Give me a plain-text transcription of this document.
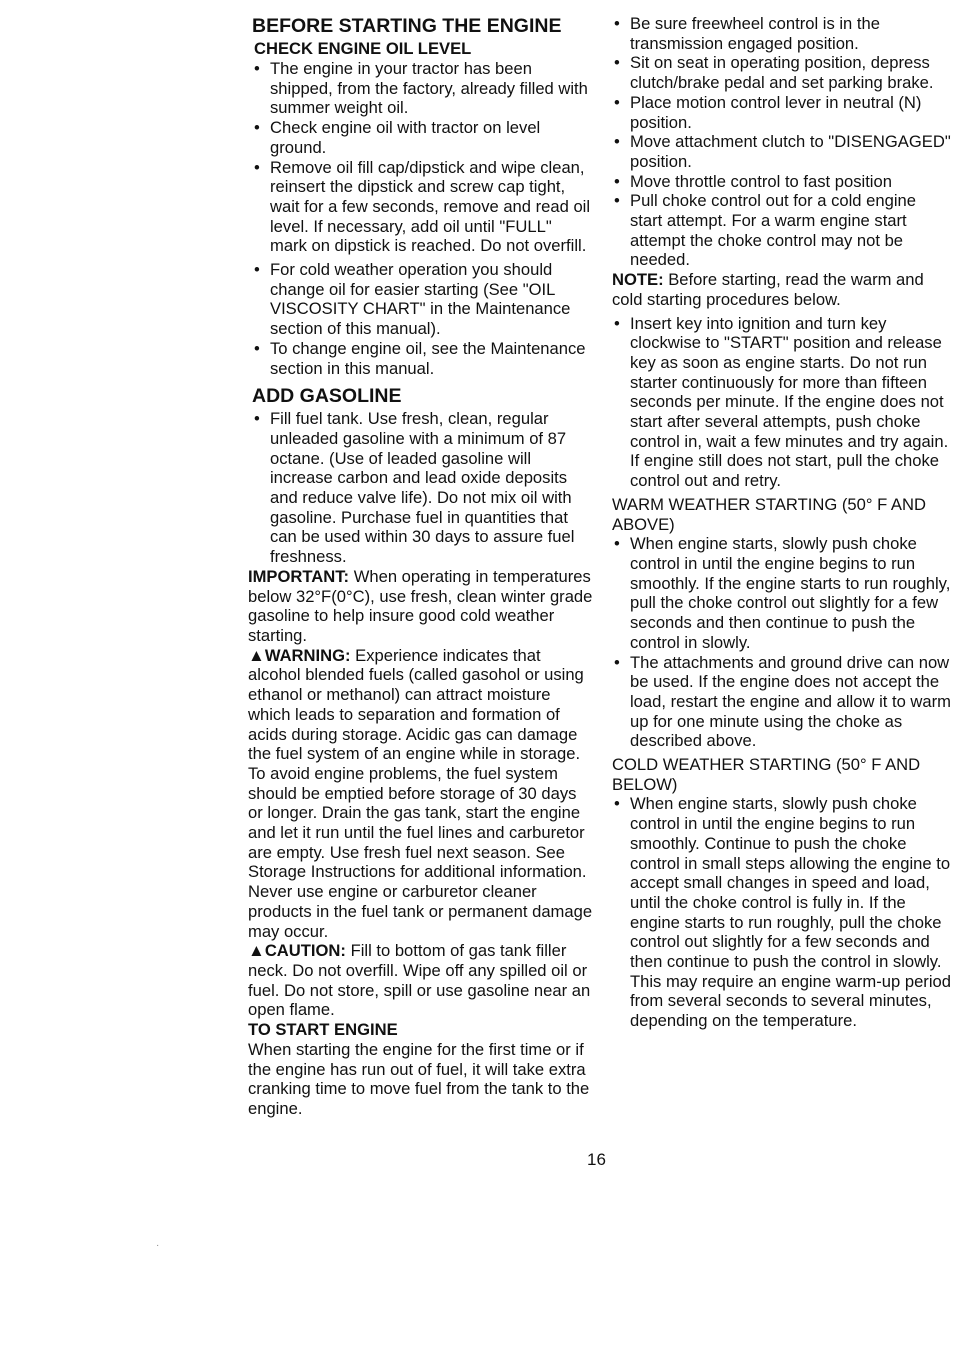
BEFORE STARTING THE ENGINE
CHECK ENGINE OIL LEVEL
• The engine in your tractor has been shipped, from the factory, already filled with summer weight oil.
• Check engine oil with tractor on level ground.
• Remove oil fill cap/dipstick and wipe clean, reinsert the dipstick and screw cap tight, wait for a few seconds, remove and read oil level. If necessary, add oil until "FULL" mark on dipstick is reached. Do not overfill.
• For cold weather operation you should change oil for easier starting (See "OIL VISCOSITY CHART" in the Maintenance section of this manual).
• To change engine oil, see the Maintenance section in this manual.
ADD GASOLINE
• Fill fuel tank. Use fresh, clean, regular unleaded gasoline with a minimum of 87 octane. (Use of leaded gasoline will increase carbon and lead oxide deposits and reduce valve life). Do not mix oil with gasoline. Purchase fuel in quantities that can be used within 30 days to assure fuel freshness.

IMPORTANT: When operating in temperatures below 32°F(0°C), use fresh, clean winter grade gasoline to help insure good cold weather starting.

▲WARNING: Experience indicates that alcohol blended fuels (called gasohol or using ethanol or methanol) can attract moisture which leads to separation and formation of acids during storage. Acidic gas can damage the fuel system of an engine while in storage. To avoid engine problems, the fuel system should be emptied before storage of 30 days or longer. Drain the gas tank, start the engine and let it run until the fuel lines and carburetor are empty. Use fresh fuel next season. See Storage Instructions for additional information. Never use engine or carburetor cleaner products in the fuel tank or permanent damage may occur.

▲CAUTION: Fill to bottom of gas tank filler neck. Do not overfill. Wipe off any spilled oil or fuel. Do not store, spill or use gasoline near an open flame.

TO START ENGINE

When starting the engine for the first time or if the engine has run out of fuel, it will take extra cranking time to move fuel from the tank to the engine.

• Be sure freewheel control is in the transmission engaged position.
• Sit on seat in operating position, depress clutch/brake pedal and set parking brake.
• Place motion control lever in neutral (N) position.
• Move attachment clutch to "DISENGAGED" position.
• Move throttle control to fast position
• Pull choke control out for a cold engine start attempt. For a warm engine start attempt the choke control may not be needed.

NOTE: Before starting, read the warm and cold starting procedures below.

• Insert key into ignition and turn key clockwise to "START" position and release key as soon as engine starts. Do not run starter continuously for more than fifteen seconds per minute. If the engine does not start after several attempts, push choke control in, wait a few minutes and try again. If engine still does not start, pull the choke control out and retry.

WARM WEATHER STARTING (50° F AND ABOVE)

• When engine starts, slowly push choke control in until the engine begins to run smoothly. If the engine starts to run roughly, pull the choke control out slightly for a few seconds and then continue to push the control in slowly.
• The attachments and ground drive can now be used. If the engine does not accept the load, restart the engine and allow it to warm up for one minute using the choke as described above.

COLD WEATHER STARTING (50° F AND BELOW)

• When engine starts, slowly push choke control in until the engine begins to run smoothly. Continue to push the choke control in small steps allowing the engine to accept small changes in speed and load, until the choke control is fully in. If the engine starts to run roughly, pull the choke control out slightly for a few seconds and then continue to push the control in slowly. This may require an engine warm-up period from several seconds to several minutes, depending on the temperature.
16
·
